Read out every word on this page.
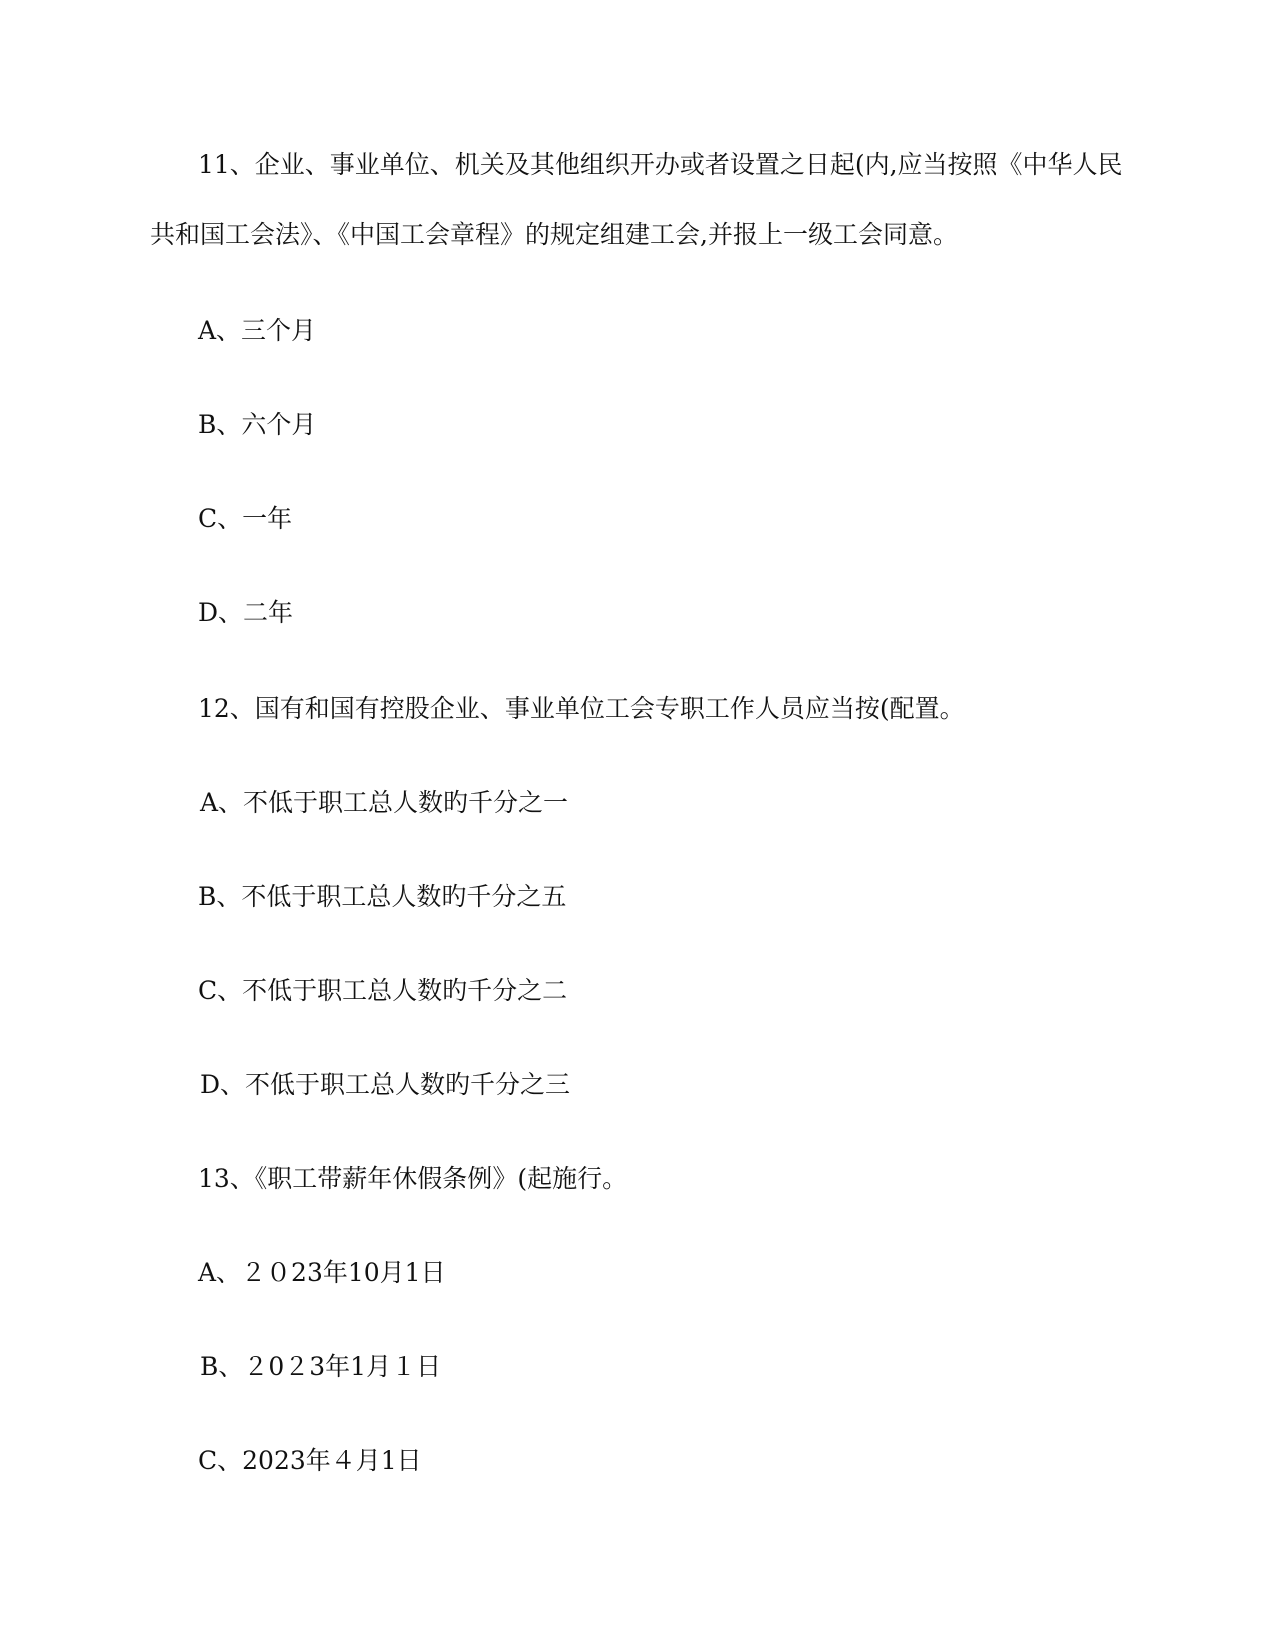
11、企业、事业单位、机关及其他组织开办或者设置之日起(内,应当按照《中华人民
共和国工会法》、《中国工会章程》的规定组建工会,并报上一级工会同意。
A、三个月
B、六个月
C、一年
D、二年
12、国有和国有控股企业、事业单位工会专职工作人员应当按(配置。
A、不低于职工总人数旳千分之一
B、不低于职工总人数旳千分之五
C、不低于职工总人数旳千分之二
D、不低于职工总人数旳千分之三
13、《职工带薪年休假条例》(起施行。
A、２０23年10月1日
B、２0２3年1月１日
C、2023年４月1日
